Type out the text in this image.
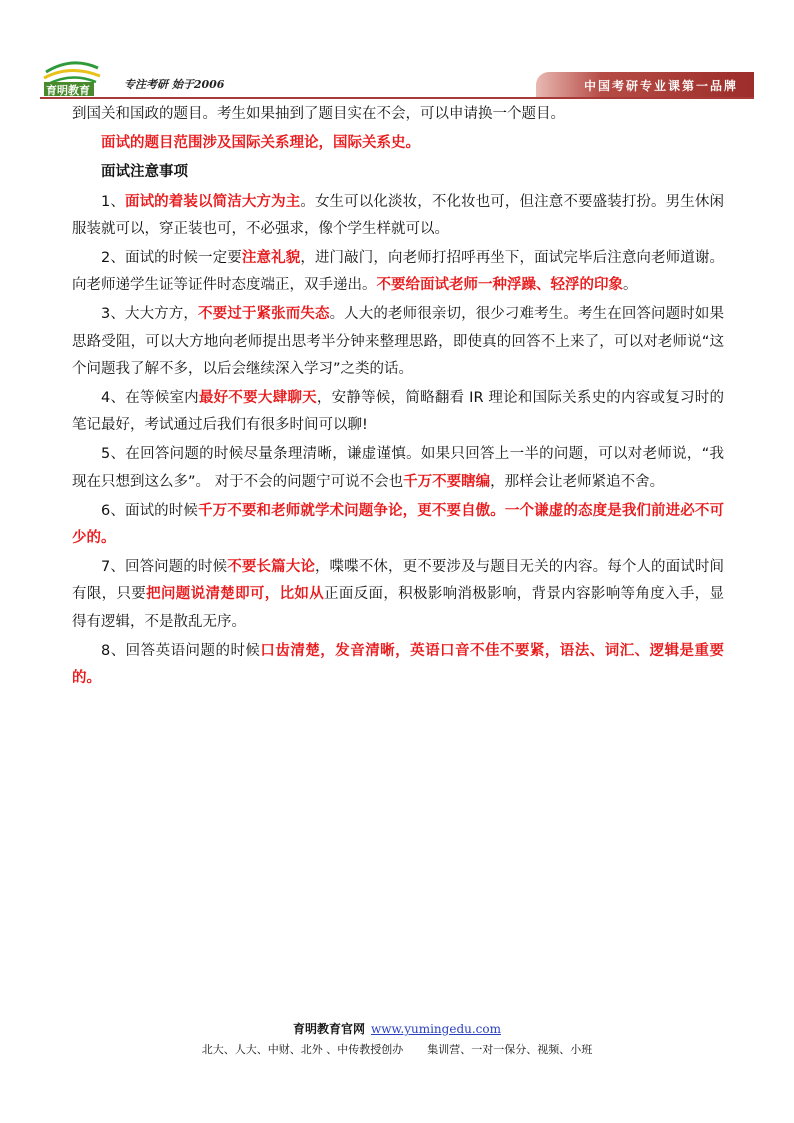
育明教育	专注考研 始于2006	中国考研专业课第一品牌

到国关和国政的题目。考生如果抽到了题目实在不会，可以申请换一个题目。

面试的题目范围涉及国际关系理论，国际关系史。

面试注意事项

1、面试的着装以简洁大方为主。女生可以化淡妆，不化妆也可，但注意不要盛装打扮。男生休闲服装就可以，穿正装也可，不必强求，像个学生样就可以。

2、面试的时候一定要注意礼貌，进门敲门，向老师打招呼再坐下，面试完毕后注意向老师道谢。向老师递学生证等证件时态度端正，双手递出。不要给面试老师一种浮躁、轻浮的印象。

3、大大方方，不要过于紧张而失态。人大的老师很亲切，很少刁难考生。考生在回答问题时如果思路受阻，可以大方地向老师提出思考半分钟来整理思路，即使真的回答不上来了，可以对老师说“这个问题我了解不多，以后会继续深入学习”之类的话。

4、在等候室内最好不要大肆聊天，安静等候，简略翻看 IR 理论和国际关系史的内容或复习时的笔记最好，考试通过后我们有很多时间可以聊!

5、在回答问题的时候尽量条理清晰，谦虚谨慎。如果只回答上一半的问题，可以对老师说，“我现在只想到这么多”。 对于不会的问题宁可说不会也千万不要瞎编，那样会让老师紧追不舍。

6、面试的时候千万不要和老师就学术问题争论，更不要自傲。一个谦虚的态度是我们前进必不可少的。

7、回答问题的时候不要长篇大论，喋喋不休，更不要涉及与题目无关的内容。每个人的面试时间有限，只要把问题说清楚即可，比如从正面反面，积极影响消极影响，背景内容影响等角度入手，显得有逻辑，不是散乱无序。

8、回答英语问题的时候口齿清楚，发音清晰，英语口音不佳不要紧，语法、词汇、逻辑是重要的。

育明教育官网 www.yumingedu.com
北大、人大、中财、北外 、中传教授创办 集训营、一对一保分、视频、小班
